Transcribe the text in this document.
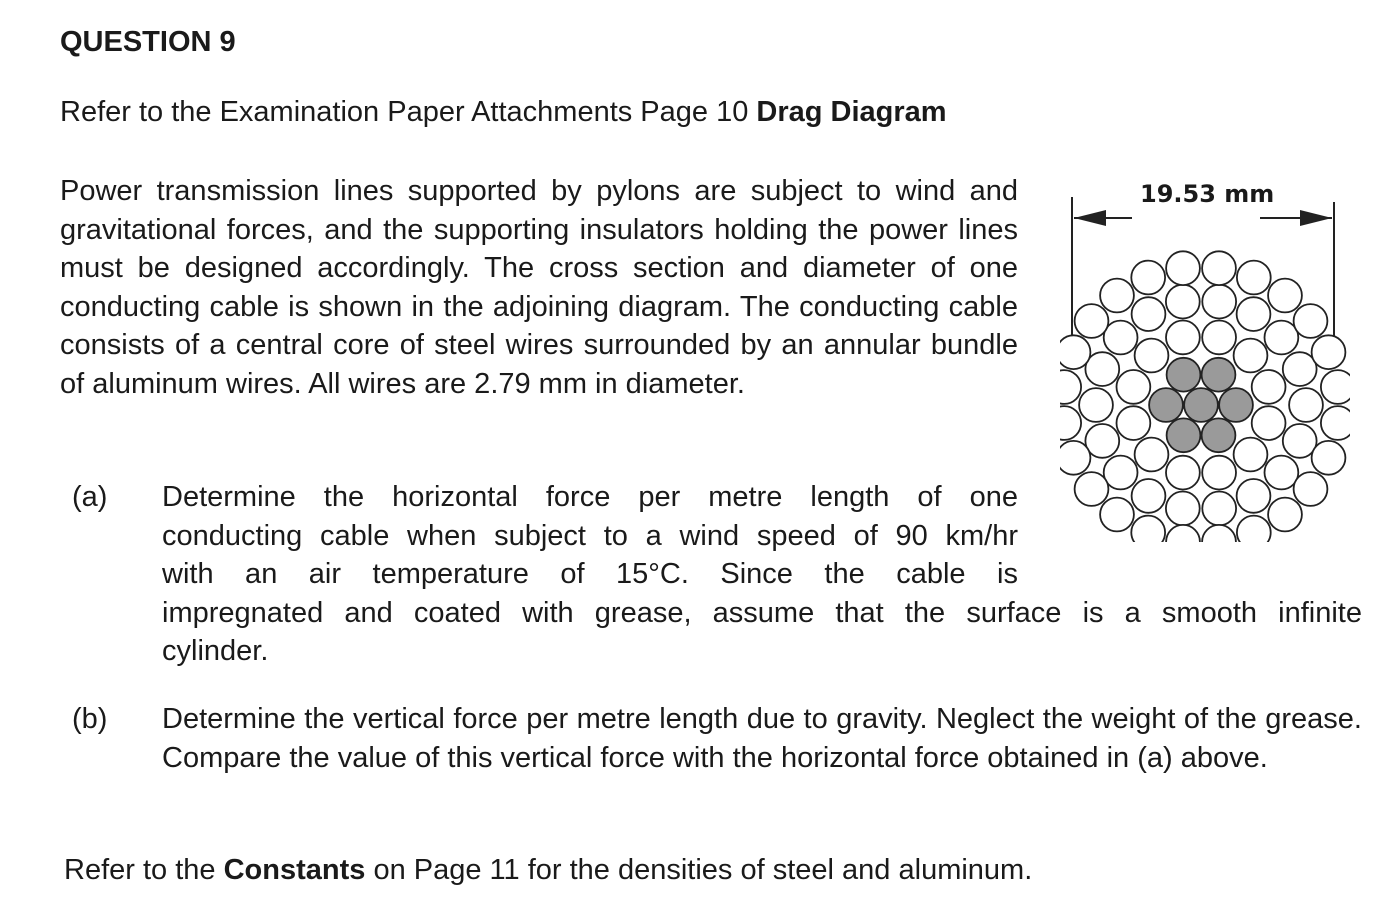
QUESTION 9

Refer to the Examination Paper Attachments Page 10 Drag Diagram

Power transmission lines supported by pylons are subject to wind and gravitational forces, and the supporting insulators holding the power lines must be designed accordingly. The cross section and diameter of one conducting cable is shown in the adjoining diagram. The conducting cable consists of a central core of steel wires surrounded by an annular bundle of aluminum wires. All wires are 2.79 mm in diameter.

(a) Determine the horizontal force per metre length of one
conducting cable when subject to a wind speed of 90 km/hr
with an air temperature of 15°C. Since the cable is
impregnated and coated with grease, assume that the surface is a smooth infinite
cylinder.
(b) Determine the vertical force per metre length due to gravity. Neglect the weight of the grease. Compare the value of this vertical force with the horizontal force obtained in (a) above.

Refer to the Constants on Page 11 for the densities of steel and aluminum.

19.53 mm
